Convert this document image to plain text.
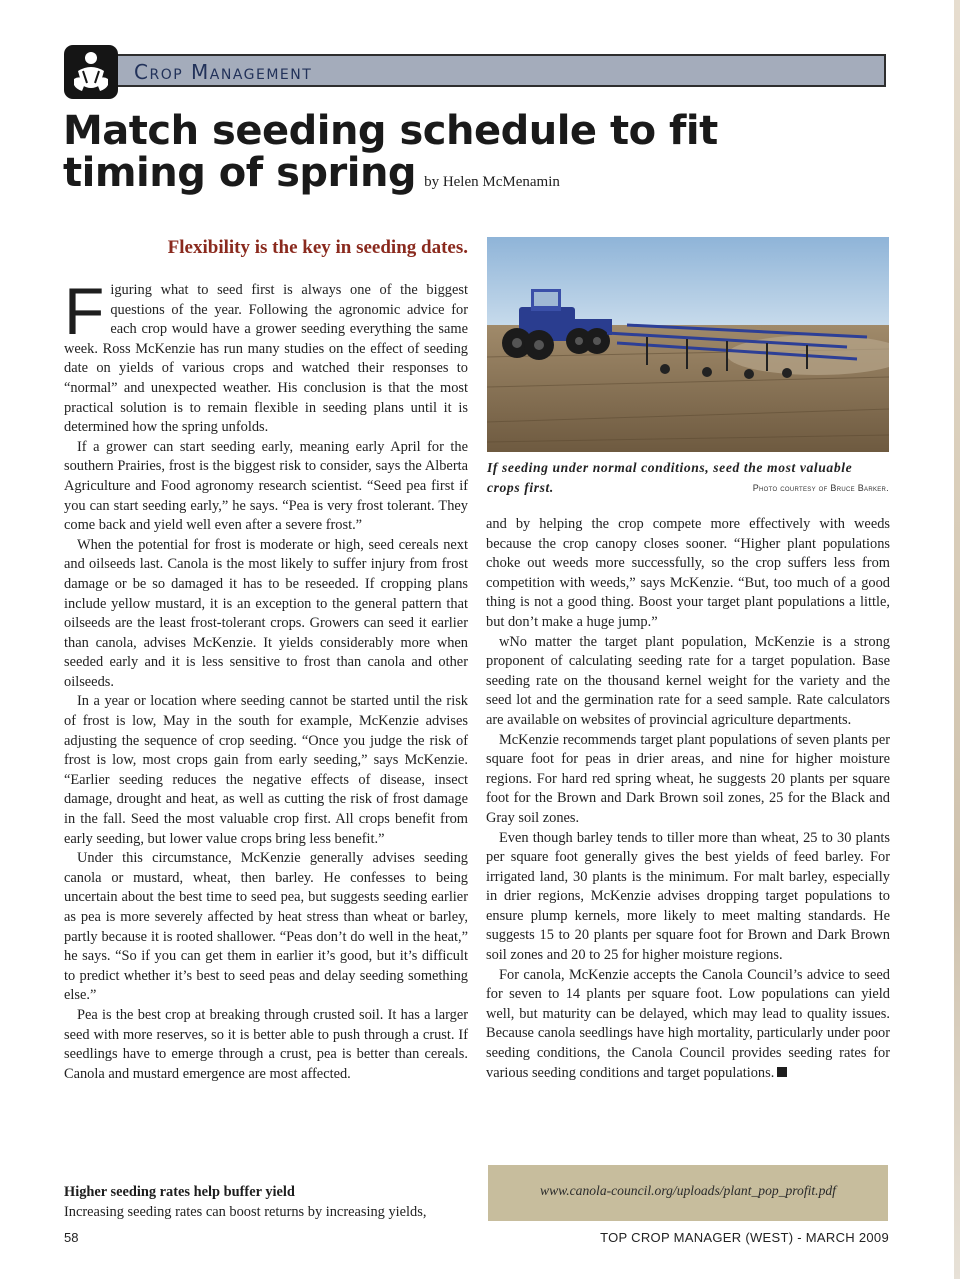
Crop Management
Match seeding schedule to fit
timing of spring by Helen McMenamin
Flexibility is the key in seeding dates.

Figuring what to seed first is always one of the biggest questions of the year. Following the agronomic advice for each crop would have a grower seeding everything the same week. Ross McKenzie has run many studies on the effect of seeding date on yields of various crops and watched their responses to “normal” and unexpected weather. His conclusion is that the most practical solution is to remain flexible in seeding plans until it is determined how the spring unfolds.

If a grower can start seeding early, meaning early April for the southern Prairies, frost is the biggest risk to consider, says the Alberta Agriculture and Food agronomy research scientist. “Seed pea first if you can start seeding early,” he says. “Pea is very frost tolerant. They come back and yield well even after a severe frost.”

When the potential for frost is moderate or high, seed cereals next and oilseeds last. Canola is the most likely to suffer injury from frost damage or be so damaged it has to be reseeded. If cropping plans include yellow mustard, it is an exception to the general pattern that oilseeds are the least frost-tolerant crops. Growers can seed it earlier than canola, advises McKenzie. It yields considerably more when seeded early and it is less sensitive to frost than canola and other oilseeds.

In a year or location where seeding cannot be started until the risk of frost is low, May in the south for example, McKenzie advises adjusting the sequence of crop seeding. “Once you judge the risk of frost is low, most crops gain from early seeding,” says McKenzie. “Earlier seeding reduces the negative effects of disease, insect damage, drought and heat, as well as cutting the risk of frost damage in the fall. Seed the most valuable crop first. All crops benefit from early seeding, but lower value crops bring less benefit.”

Under this circumstance, McKenzie generally advises seeding canola or mustard, wheat, then barley. He confesses to being uncertain about the best time to seed pea, but suggests seeding earlier as pea is more severely affected by heat stress than wheat or barley, partly because it is rooted shallower. “Peas don’t do well in the heat,” he says. “So if you can get them in earlier it’s good, but it’s difficult to predict whether it’s best to seed peas and delay seeding something else.”

Pea is the best crop at breaking through crusted soil. It has a larger seed with more reserves, so it is better able to push through a crust. If seedlings have to emerge through a crust, pea is better than cereals. Canola and mustard emergence are most affected.

Higher seeding rates help buffer yield
Increasing seeding rates can boost returns by increasing yields,
If seeding under normal conditions, seed the most valuable crops first.	Photo courtesy of Bruce Barker.

and by helping the crop compete more effectively with weeds because the crop canopy closes sooner. “Higher plant populations choke out weeds more successfully, so the crop suffers less from competition with weeds,” says McKenzie. “But, too much of a good thing is not a good thing. Boost your target plant populations a little, but don’t make a huge jump.”

wNo matter the target plant population, McKenzie is a strong proponent of calculating seeding rate for a target population. Base seeding rate on the thousand kernel weight for the variety and the seed lot and the germination rate for a seed sample. Rate calculators are available on websites of provincial agriculture departments.

McKenzie recommends target plant populations of seven plants per square foot for peas in drier areas, and nine for higher moisture regions. For hard red spring wheat, he suggests 20 plants per square foot for the Brown and Dark Brown soil zones, 25 for the Black and Gray soil zones.

Even though barley tends to tiller more than wheat, 25 to 30 plants per square foot generally gives the best yields of feed barley. For irrigated land, 30 plants is the minimum. For malt barley, especially in drier regions, McKenzie advises dropping target populations to ensure plump kernels, more likely to meet malting standards. He suggests 15 to 20 plants per square foot for Brown and Dark Brown soil zones and 20 to 25 for higher moisture regions.

For canola, McKenzie accepts the Canola Council’s advice to seed for seven to 14 plants per square foot. Low populations can yield well, but maturity can be delayed, which may lead to quality issues. Because canola seedlings have high mortality, particularly under poor seeding conditions, the Canola Council provides seeding rates for various seeding conditions and target populations.

www.canola-council.org/uploads/plant_pop_profit.pdf
58	TOP CROP MANAGER (WEST) - MARCH 2009
